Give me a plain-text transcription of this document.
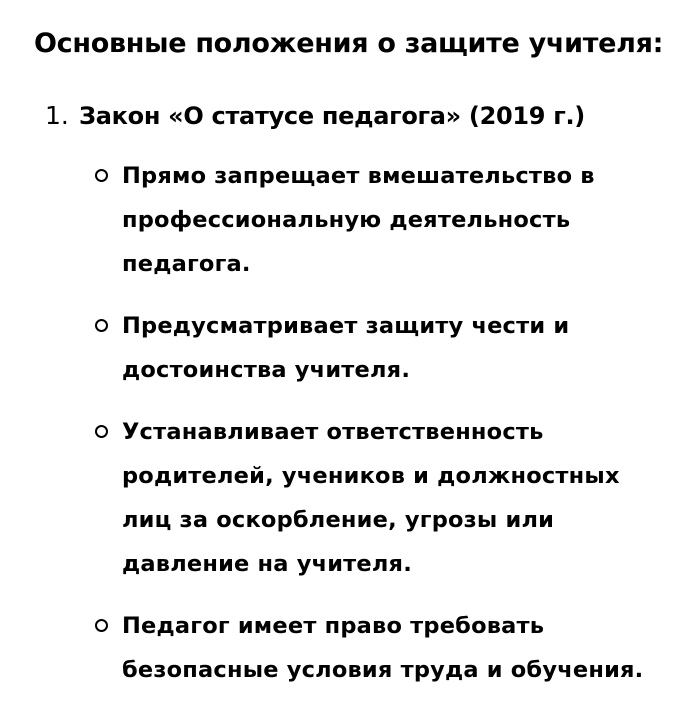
Основные положения о защите учителя:
1. Закон «О статусе педагога» (2019 г.)
Прямо запрещает вмешательство в профессиональную деятельность педагога.
Предусматривает защиту чести и достоинства учителя.
Устанавливает ответственность родителей, учеников и должностных лиц за оскорбление, угрозы или давление на учителя.
Педагог имеет право требовать безопасные условия труда и обучения.
